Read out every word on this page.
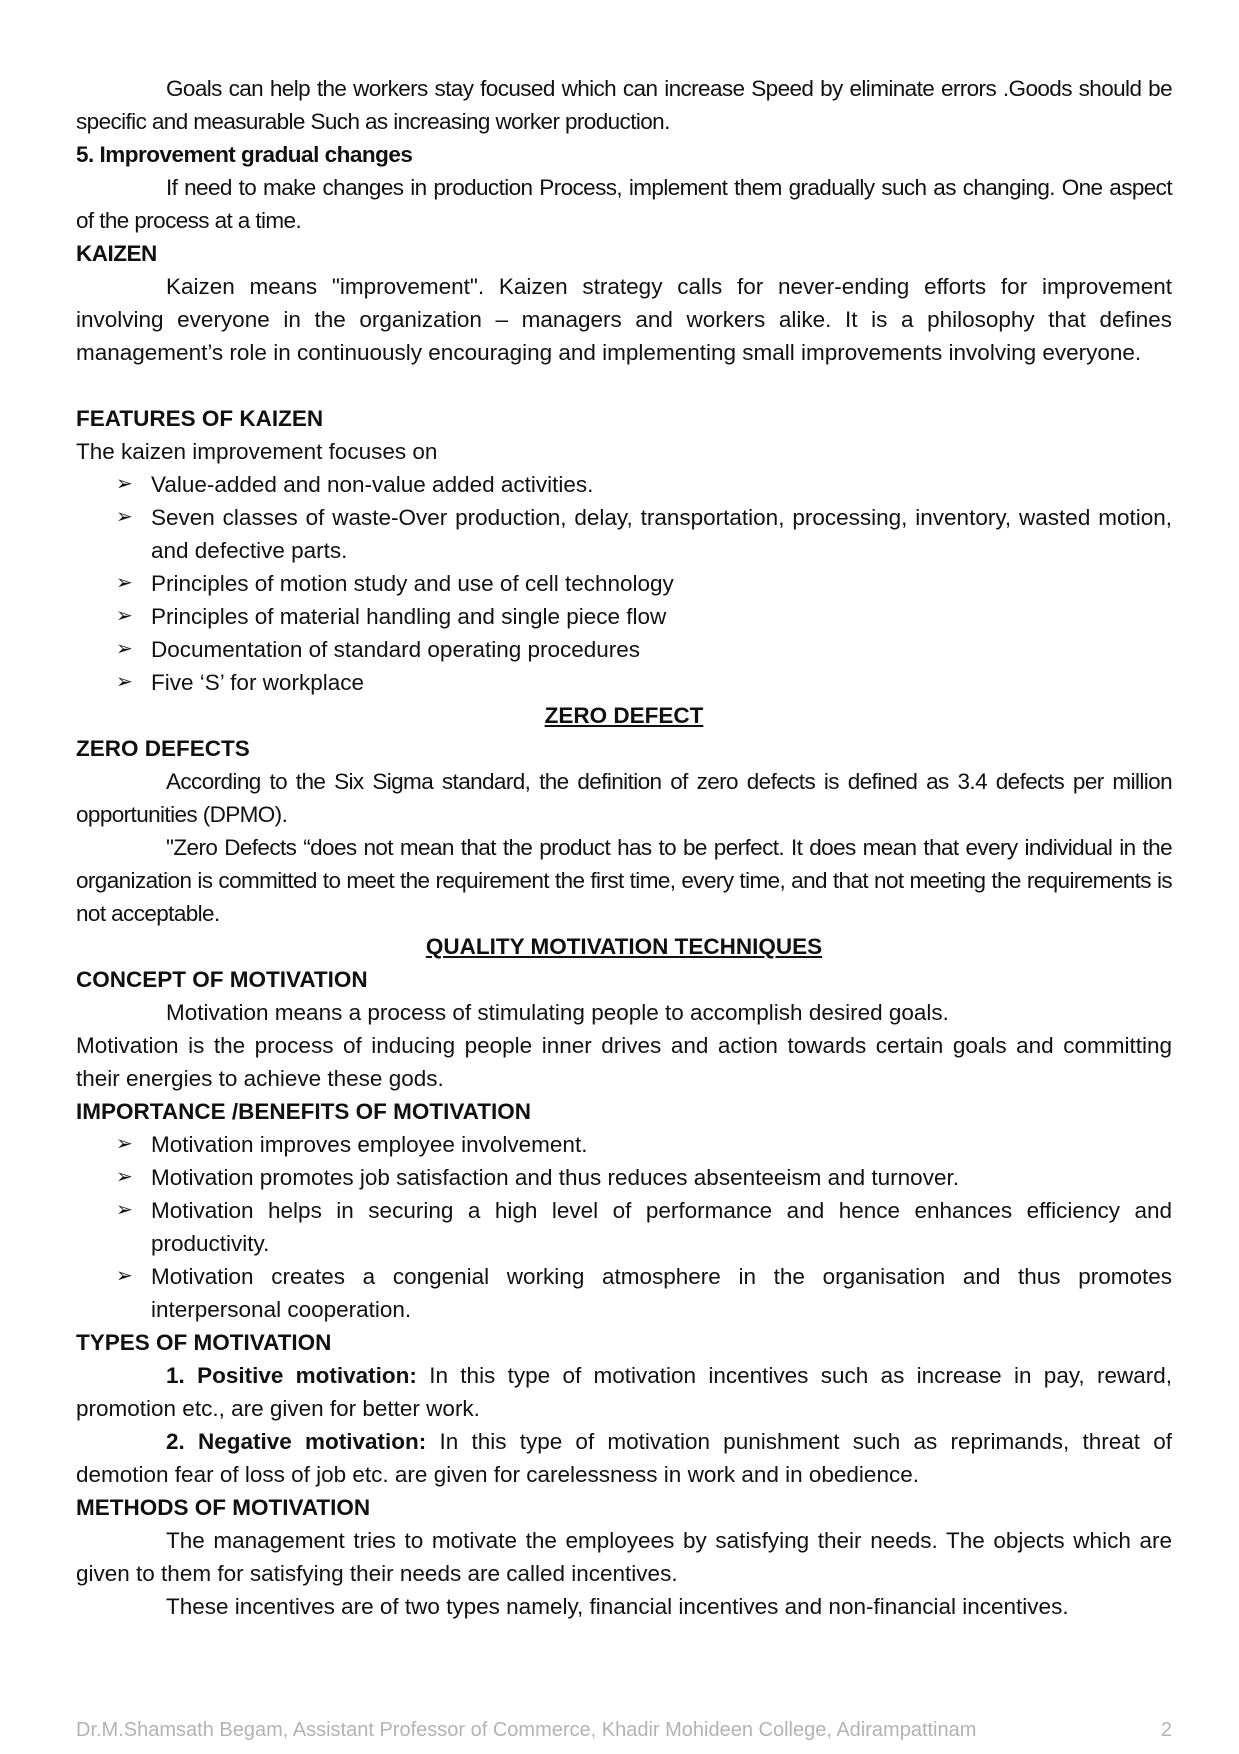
Goals can help the workers stay focused which can increase Speed by eliminate errors .Goods should be specific and measurable Such as increasing worker production.

5. Improvement gradual changes

If need to make changes in production Process, implement them gradually such as changing. One aspect of the process at a time.

KAIZEN

Kaizen means "improvement". Kaizen strategy calls for never-ending efforts for improvement involving everyone in the organization – managers and workers alike. It is a philosophy that defines management’s role in continuously encouraging and implementing small improvements involving everyone.

FEATURES OF KAIZEN

The kaizen improvement focuses on

➢ Value-added and non-value added activities.
➢ Seven classes of waste-Over production, delay, transportation, processing, inventory, wasted motion, and defective parts.
➢ Principles of motion study and use of cell technology
➢ Principles of material handling and single piece flow
➢ Documentation of standard operating procedures
➢ Five ‘S’ for workplace
ZERO DEFECT
ZERO DEFECTS

According to the Six Sigma standard, the definition of zero defects is defined as 3.4 defects per million opportunities (DPMO).

"Zero Defects “does not mean that the product has to be perfect. It does mean that every individual in the organization is committed to meet the requirement the first time, every time, and that not meeting the requirements is not acceptable.

QUALITY MOTIVATION TECHNIQUES
CONCEPT OF MOTIVATION

Motivation means a process of stimulating people to accomplish desired goals.

Motivation is the process of inducing people inner drives and action towards certain goals and committing their energies to achieve these gods.

IMPORTANCE /BENEFITS OF MOTIVATION
➢ Motivation improves employee involvement.
➢ Motivation promotes job satisfaction and thus reduces absenteeism and turnover.
➢ Motivation helps in securing a high level of performance and hence enhances efficiency and productivity.
➢ Motivation creates a congenial working atmosphere in the organisation and thus promotes interpersonal cooperation.
TYPES OF MOTIVATION

1. Positive motivation: In this type of motivation incentives such as increase in pay, reward, promotion etc., are given for better work.

2. Negative motivation: In this type of motivation punishment such as reprimands, threat of demotion fear of loss of job etc. are given for carelessness in work and in obedience.

METHODS OF MOTIVATION

The management tries to motivate the employees by satisfying their needs. The objects which are given to them for satisfying their needs are called incentives.

These incentives are of two types namely, financial incentives and non-financial incentives.

Dr.M.Shamsath Begam, Assistant Professor of Commerce, Khadir Mohideen College, Adirampattinam	2
